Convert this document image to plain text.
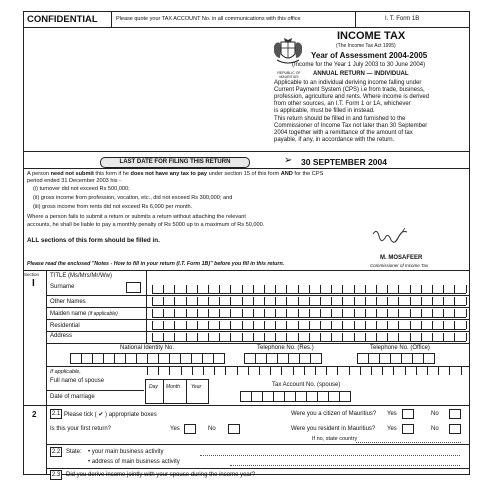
CONFIDENTIAL	Please quote your TAX ACCOUNT No. in all communications with this office	I. T. Form 1B
REPUBLIC OF MAURITIUS
INCOME TAX
(The Income Tax Act 1995)
Year of Assessment 2004-2005
(Income for the Year 1 July 2003 to 30 June 2004)
ANNUAL RETURN — INDIVIDUAL
Applicable to an individual deriving income falling under
Current Payment System (CPS) i.e from trade, business,
profession, agriculture and rents. Where income is derived
from other sources, an I.T. Form 1 or 1A, whichever
is applicable, must be filled in instead.
This return should be filled in and furnished to the
Commissioner of Income Tax not later than 30 September
2004 together with a remittance of the amount of tax
payable, if any, in accordance with the return.
LAST DATE FOR FILING THIS RETURN	➢ 30 SEPTEMBER 2004
A person need not submit this form if he does not have any tax to pay under section 15 of this form AND for the CPS
period ended 31 December 2003 his -
(i) turnover did not exceed Rs 500,000;
(ii) gross income from profession, vocation, etc., did not exceed Rs 300,000; and
(iii) gross income from rents did not exceed Rs 6,000 per month.
Where a person fails to submit a return or submits a return without attaching the relevant
accounts, he shall be liable to pay a monthly penalty of Rs 5000 up to a maximum of Rs 50,000.
ALL sections of this form should be filled in.
M. MOSAFEER
Commissioner of Income Tax
Please read the enclosed "Notes - How to fill in your return (I.T. Form 1B)" before you fill in this return.
Section
I
TITLE (Ms/Mrs/Mr/Ww)
Surname
Other Names
Maiden name (if applicable)
Residential
Address
National Identity No.	Telephone No. (Res.)	Telephone No. (Office)
If applicable,
Full name of spouse
Date of marriage
Day Month Year	Tax Account No. (spouse)
2	2.1 Please tick ( ✔ ) appropriate boxes
Is this your first return?	Yes	No
Were you a citizen of Mauritius? Yes	No
Were you resident in Mauritius? Yes	No
If no, state country
2.2 State: • your main business activity
• address of main business activity
2.3 Did you derive income jointly with your spouse during the income year?
